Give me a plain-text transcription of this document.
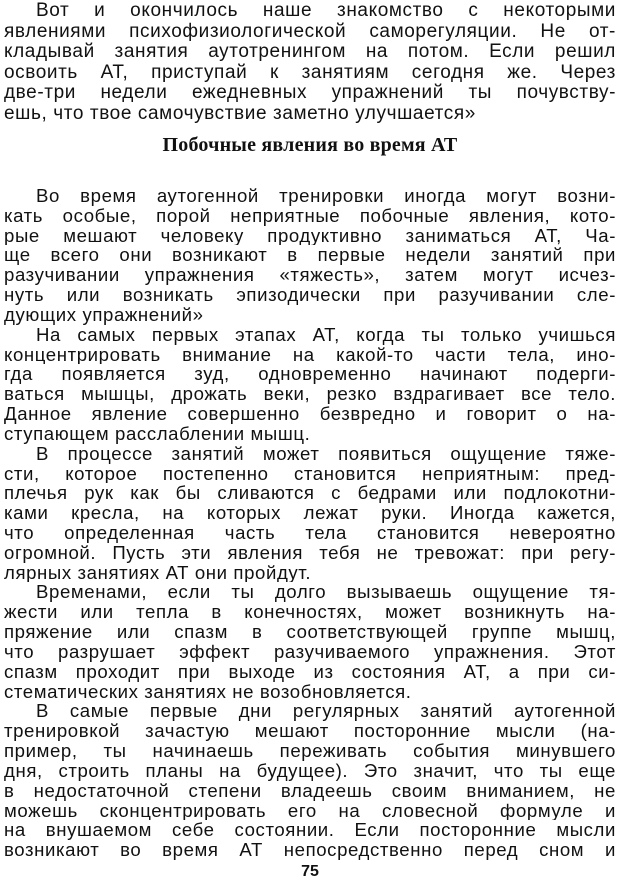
Вот и окончилось наше знакомство с некоторыми
явлениями психофизиологической саморегуляции. Не от-
кладывай занятия аутотренингом на потом. Если решил
освоить АТ, приступай к занятиям сегодня же. Через
две-три недели ежедневных упражнений ты почувству-
ешь, что твое самочувствие заметно улучшается»
Побочные явления во время АТ
Во время аутогенной тренировки иногда могут возни-
кать особые, порой неприятные побочные явления, кото-
рые мешают человеку продуктивно заниматься АТ, Ча-
ще всего они возникают в первые недели занятий при
разучивании упражнения «тяжесть», затем могут исчез-
нуть или возникать эпизодически при разучивании сле-
дующих упражнений»
На самых первых этапах АТ, когда ты только учишься
концентрировать внимание на какой-то части тела, ино-
гда появляется зуд, одновременно начинают подерги-
ваться мышцы, дрожать веки, резко вздрагивает все тело.
Данное явление совершенно безвредно и говорит о на-
ступающем расслаблении мышц.
В процессе занятий может появиться ощущение тяже-
сти, которое постепенно становится неприятным: пред-
плечья рук как бы сливаются с бедрами или подлокотни-
ками кресла, на которых лежат руки. Иногда кажется,
что определенная часть тела становится невероятно
огромной. Пусть эти явления тебя не тревожат: при регу-
лярных занятиях АТ они пройдут.
Временами, если ты долго вызываешь ощущение тя-
жести или тепла в конечностях, может возникнуть на-
пряжение или спазм в соответствующей группе мышц,
что разрушает эффект разучиваемого упражнения. Этот
спазм проходит при выходе из состояния АТ, а при си-
стематических занятиях не возобновляется.
В самые первые дни регулярных занятий аутогенной
тренировкой зачастую мешают посторонние мысли (на-
пример, ты начинаешь переживать события минувшего
дня, строить планы на будущее). Это значит, что ты еще
в недостаточной степени владеешь своим вниманием, не
можешь сконцентрировать его на словесной формуле и
на внушаемом себе состоянии. Если посторонние мысли
возникают во время АТ непосредственно перед сном и
75
